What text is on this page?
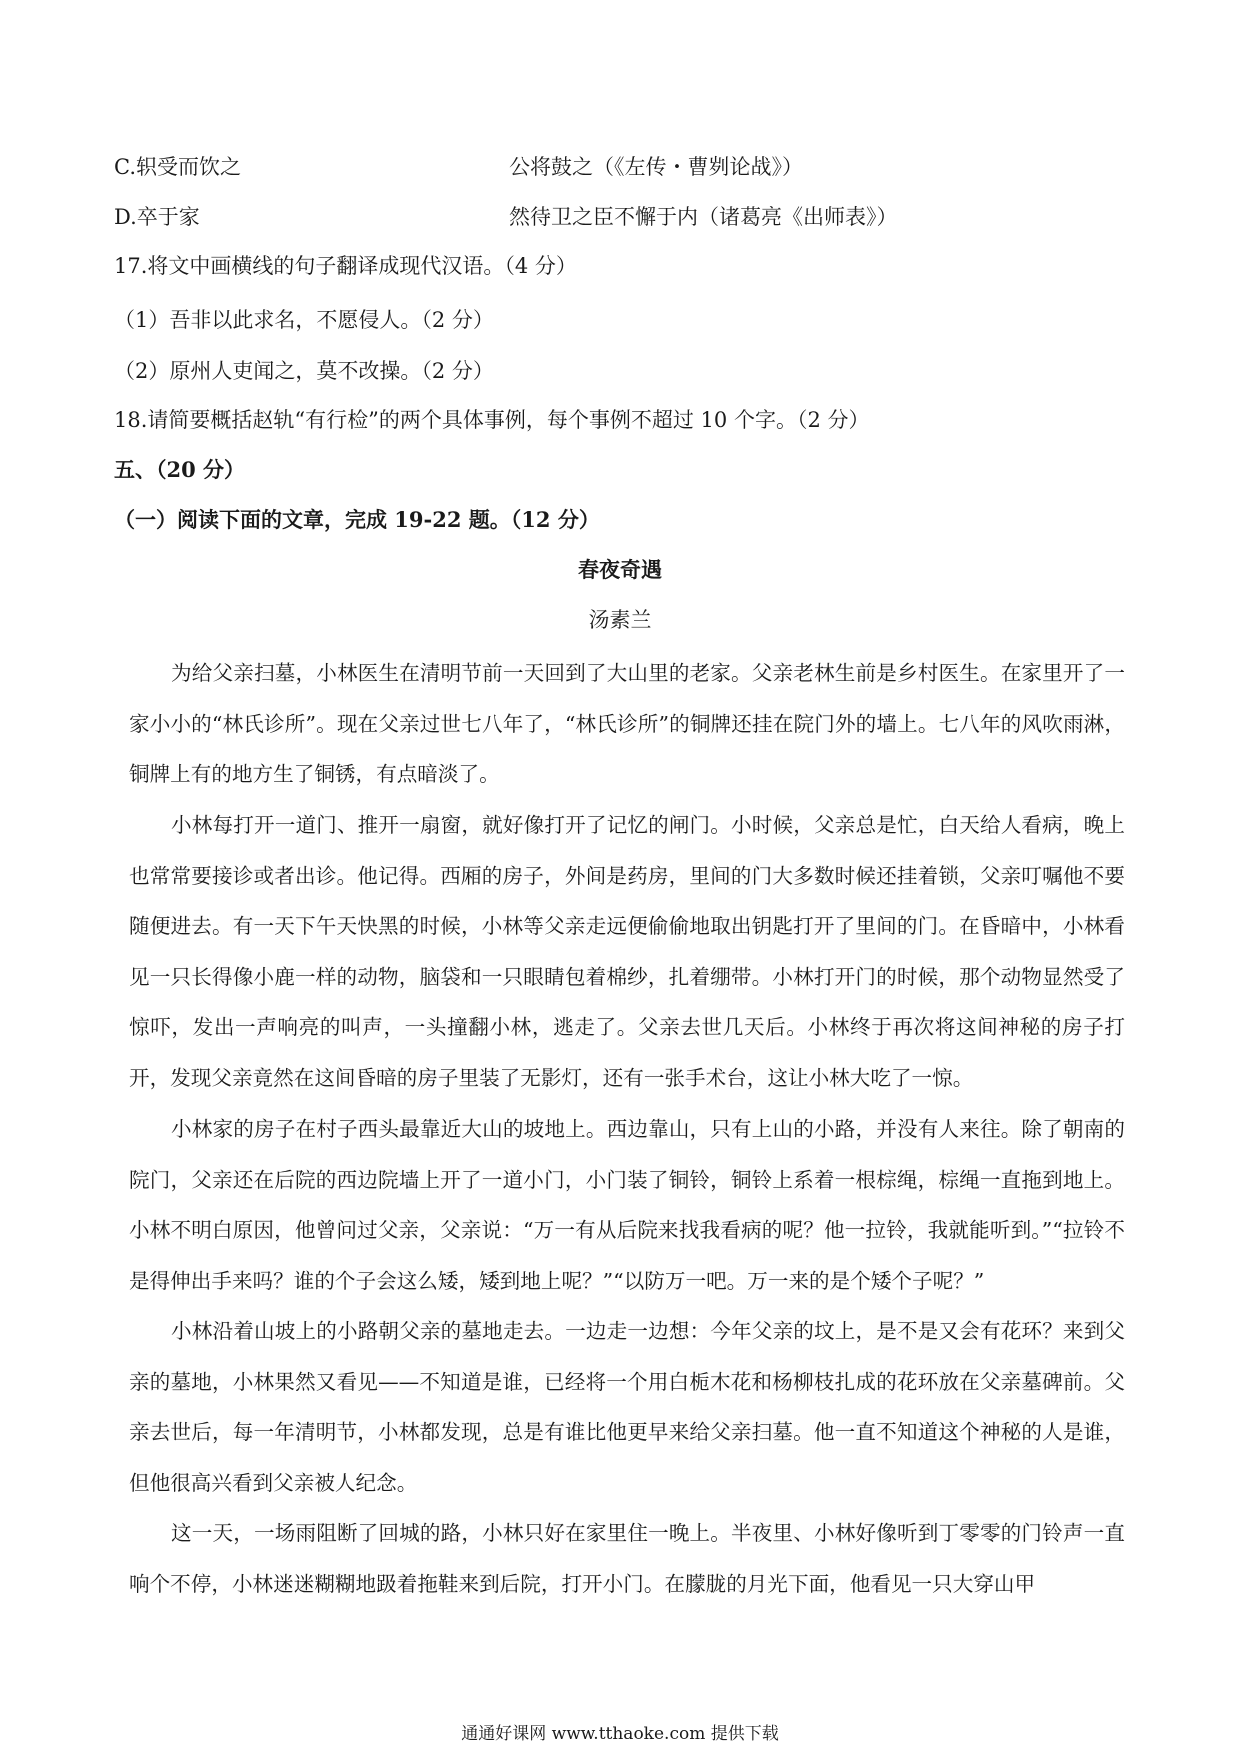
C.轵受而饮之	公将鼓之（《左传・曹刿论战》）
D.卒于家	然待卫之臣不懈于内（诸葛亮《出师表》）
17.将文中画横线的句子翻译成现代汉语。（4 分）
（1）吾非以此求名，不愿侵人。（2 分）
（2）原州人吏闻之，莫不改操。（2 分）
18.请简要概括赵轨“有行检”的两个具体事例，每个事例不超过 10 个字。（2 分）
五、（20 分）
（一）阅读下面的文章，完成 19-22 题。（12 分）
春夜奇遇
汤素兰

为给父亲扫墓，小林医生在清明节前一天回到了大山里的老家。父亲老林生前是乡村医生。在家里开了一家小小的“林氏诊所”。现在父亲过世七八年了，“林氏诊所”的铜牌还挂在院门外的墙上。七八年的风吹雨淋，铜牌上有的地方生了铜锈，有点暗淡了。

小林每打开一道门、推开一扇窗，就好像打开了记忆的闸门。小时候，父亲总是忙，白天给人看病，晚上也常常要接诊或者出诊。他记得。西厢的房子，外间是药房，里间的门大多数时候还挂着锁，父亲叮嘱他不要随便进去。有一天下午天快黑的时候，小林等父亲走远便偷偷地取出钥匙打开了里间的门。在昏暗中，小林看见一只长得像小鹿一样的动物，脑袋和一只眼睛包着棉纱，扎着绷带。小林打开门的时候，那个动物显然受了惊吓，发出一声响亮的叫声，一头撞翻小林，逃走了。父亲去世几天后。小林终于再次将这间神秘的房子打开，发现父亲竟然在这间昏暗的房子里装了无影灯，还有一张手术台，这让小林大吃了一惊。

小林家的房子在村子西头最靠近大山的坡地上。西边靠山，只有上山的小路，并没有人来往。除了朝南的院门，父亲还在后院的西边院墙上开了一道小门，小门装了铜铃，铜铃上系着一根棕绳，棕绳一直拖到地上。小林不明白原因，他曾问过父亲，父亲说：“万一有从后院来找我看病的呢？他一拉铃，我就能听到。”“拉铃不是得伸出手来吗？谁的个子会这么矮，矮到地上呢？”“以防万一吧。万一来的是个矮个子呢？”

小林沿着山坡上的小路朝父亲的墓地走去。一边走一边想：今年父亲的坟上，是不是又会有花环？来到父亲的墓地，小林果然又看见——不知道是谁，已经将一个用白栀木花和杨柳枝扎成的花环放在父亲墓碑前。父亲去世后，每一年清明节，小林都发现，总是有谁比他更早来给父亲扫墓。他一直不知道这个神秘的人是谁，但他很高兴看到父亲被人纪念。

这一天，一场雨阻断了回城的路，小林只好在家里住一晚上。半夜里、小林好像听到丁零零的门铃声一直响个不停，小林迷迷糊糊地趿着拖鞋来到后院，打开小门。在朦胧的月光下面，他看见一只大穿山甲

通通好课网 www.tthaoke.com 提供下载
